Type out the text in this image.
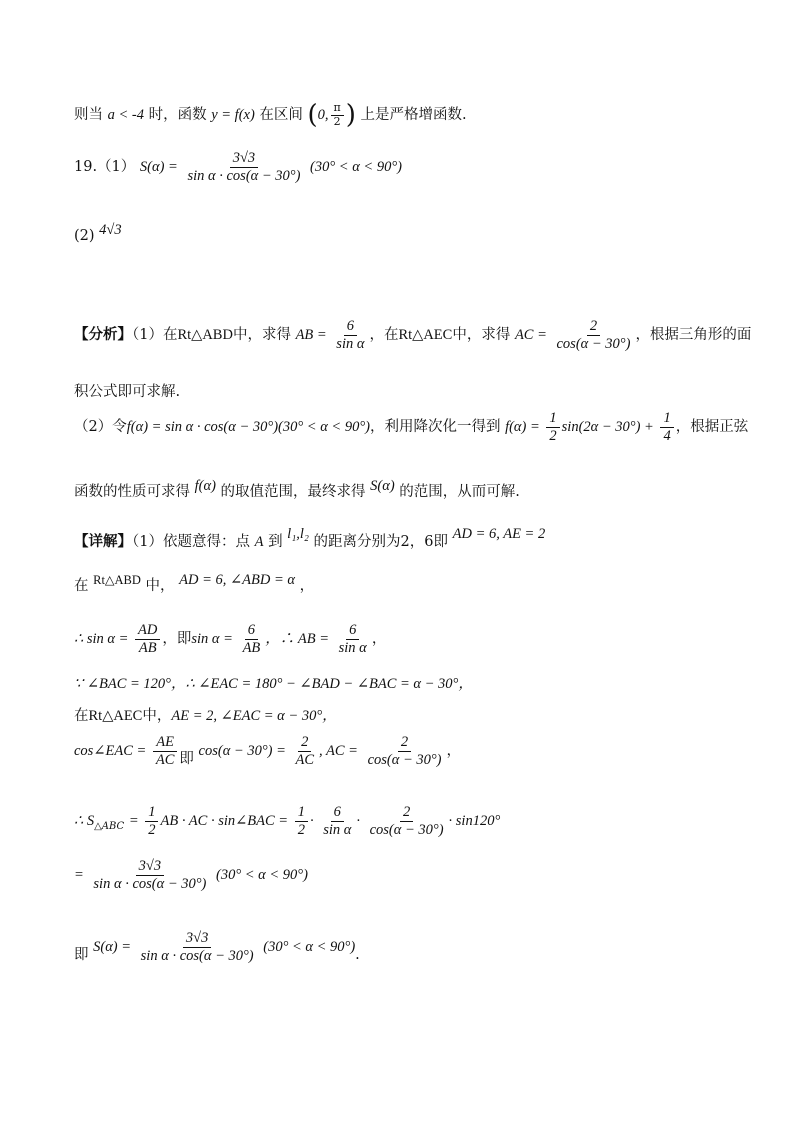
则当 a < -4 时，函数 y = f(x) 在区间 (0, $\frac{\pi}{2}$ ) 上是严格增函数.
19.（1） $S(\alpha) = \frac{3√3}{\text{sin α · cos(α − 30°)}} (30^\circ < \alpha < 90^\circ)$
(2) 4√3
【分析】（1）在Rt△ABD中，求得 AB = $\frac{6}{\text{sin α}}$ ，在Rt△AEC中，求得 AC = $\frac{2}{\cos(\alpha - 30^\circ)}$ ，根据三角形的面
积公式即可求解.
（2）令f(α) = sin α · cos(α − 30°)(30° < α < 90°)，利用降次化一得到 $f(\alpha) = \frac{1}{2} \sin(2\alpha - 30^\circ) + \frac{1}{4}$ ，根据正弦
函数的性质可求得 f(α) 的取值范围，最终求得 S(α) 的范围，从而可解.
【详解】（1）依题意得：点 A 到 l₁,l₂ 的距离分别为2，6即 AD = 6, AE = 2
在 Rt△ABD 中， AD = 6, ∠ABD = α ，
∴ $\sin \alpha = \frac{AD}{AB}$ ，即$\sin \alpha = \frac{6}{AB}$ ，∴ AB = $\frac{6}{\text{sin α}}$ ，
∵ ∠BAC = 120°，∴ ∠EAC = 180° − ∠BAD − ∠BAC = α − 30°，
在Rt△AEC中，AE = 2, ∠EAC = α − 30°，
cos∠EAC = $\frac{AE}{AC}$ 即 $\cos(\alpha - 30^\circ) = \frac{2}{AC}$ , AC = $\frac{2}{\cos(\alpha - 30^\circ)}$ ，
∴ $S_{\triangle ABC} = \frac{1}{2}$ AB · AC · sin∠BAC = $\frac{1}{2} \cdot \frac{6}{\text{sin α}} \cdot \frac{2}{\cos(\alpha - 30^\circ)} \cdot \sin 120^\circ$
= $\frac{3√3}{\text{sin α · cos(α − 30°)}} (30^\circ < \alpha < 90^\circ)$
即 $S(\alpha) = \frac{3√3}{\text{sin α · cos(α − 30°)}} (30^\circ < \alpha < 90^\circ)$.
